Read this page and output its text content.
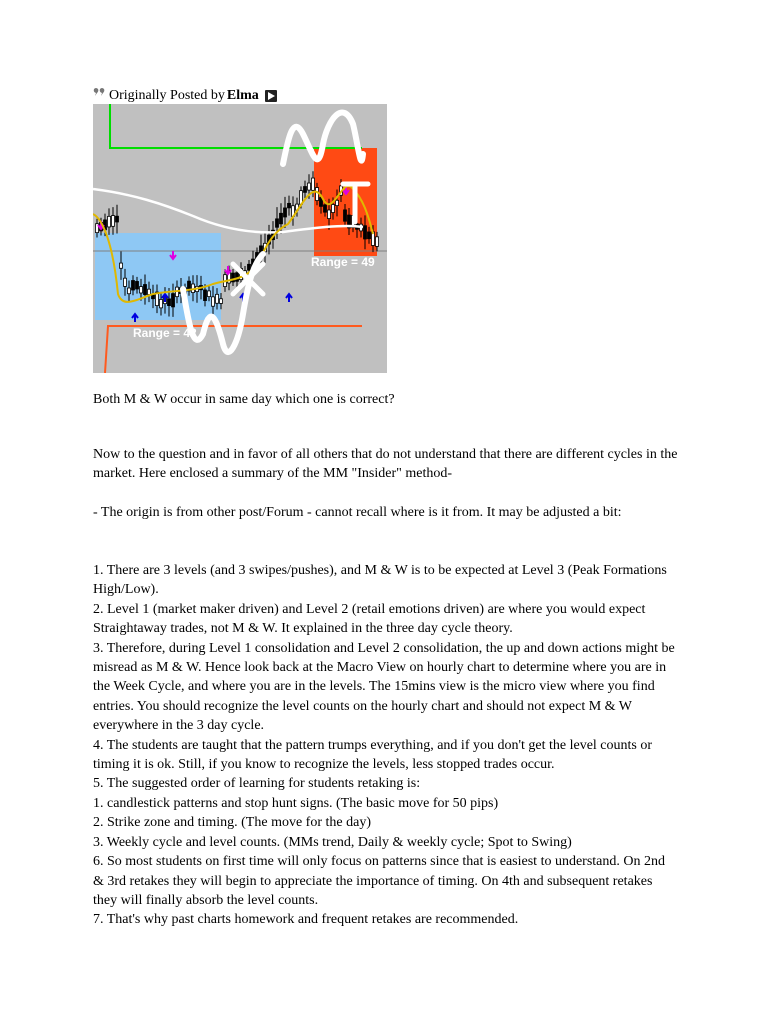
Originally Posted by Elma
Range = 49
Range = 42

Both M & W occur in same day which one is correct?

Now to the question and in favor of all others that do not understand that there are different cycles in the market. Here enclosed a summary of the MM "Insider" method-

- The origin is from other post/Forum - cannot recall where is it from. It may be adjusted a bit:

1. There are 3 levels (and 3 swipes/pushes), and M & W is to be expected at Level 3 (Peak Formations High/Low).

2. Level 1 (market maker driven) and Level 2 (retail emotions driven) are where you would expect Straightaway trades, not M & W. It explained in the three day cycle theory.

3. Therefore, during Level 1 consolidation and Level 2 consolidation, the up and down actions might be misread as M & W. Hence look back at the Macro View on hourly chart to determine where you are in the Week Cycle, and where you are in the levels. The 15mins view is the micro view where you find entries. You should recognize the level counts on the hourly chart and should not expect M & W everywhere in the 3 day cycle.

4. The students are taught that the pattern trumps everything, and if you don't get the level counts or timing it is ok. Still, if you know to recognize the levels, less stopped trades occur.

5. The suggested order of learning for students retaking is:

1. candlestick patterns and stop hunt signs. (The basic move for 50 pips)

2. Strike zone and timing. (The move for the day)

3. Weekly cycle and level counts. (MMs trend, Daily & weekly cycle; Spot to Swing)

6. So most students on first time will only focus on patterns since that is easiest to understand. On 2nd & 3rd retakes they will begin to appreciate the importance of timing. On 4th and subsequent retakes they will finally absorb the level counts.

7. That's why past charts homework and frequent retakes are recommended.
